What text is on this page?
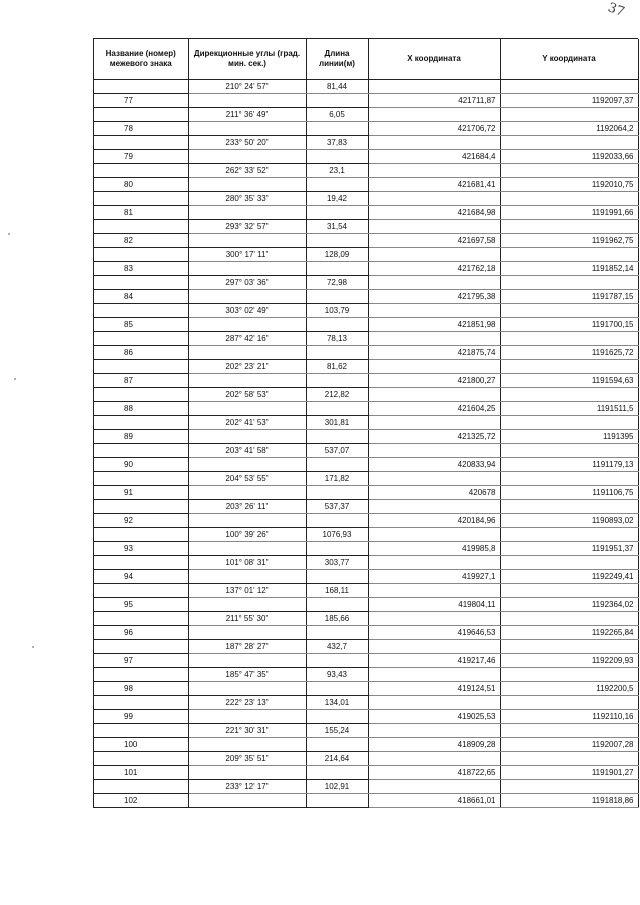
37
Название (номер) межевого знака	Дирекционные углы (град. мин. сек.)	Длина линии(м)	X координата	Y координата
	210° 24' 57"	81,44		
77			421711,87	1192097,37
	211° 36' 49"	6,05		
78			421706,72	1192064,2
	233° 50' 20"	37,83		
79			421684,4	1192033,66
	262° 33' 52"	23,1		
80			421681,41	1192010,75
	280° 35' 33"	19,42		
81			421684,98	1191991,66
	293° 32' 57"	31,54		
82			421697,58	1191962,75
	300° 17' 11"	128,09		
83			421762,18	1191852,14
	297° 03' 36"	72,98		
84			421795,38	1191787,15
	303° 02' 49"	103,79		
85			421851,98	1191700,15
	287° 42' 16"	78,13		
86			421875,74	1191625,72
	202° 23' 21"	81,62		
87			421800,27	1191594,63
	202° 58' 53"	212,82		
88			421604,25	1191511,5
	202° 41' 53"	301,81		
89			421325,72	1191395
	203° 41' 58"	537,07		
90			420833,94	1191179,13
	204° 53' 55"	171,82		
91			420678	1191106,75
	203° 26' 11"	537,37		
92			420184,96	1190893,02
	100° 39' 26"	1076,93		
93			419985,8	1191951,37
	101° 08' 31"	303,77		
94			419927,1	1192249,41
	137° 01' 12"	168,11		
95			419804,11	1192364,02
	211° 55' 30"	185,66		
96			419646,53	1192265,84
	187° 28' 27"	432,7		
97			419217,46	1192209,93
	185° 47' 35"	93,43		
98			419124,51	1192200,5
	222° 23' 13"	134,01		
99			419025,53	1192110,16
	221° 30' 31"	155,24		
100			418909,28	1192007,28
	209° 35' 51"	214,64		
101			418722,65	1191901,27
	233° 12' 17"	102,91		
102			418661,01	1191818,86
